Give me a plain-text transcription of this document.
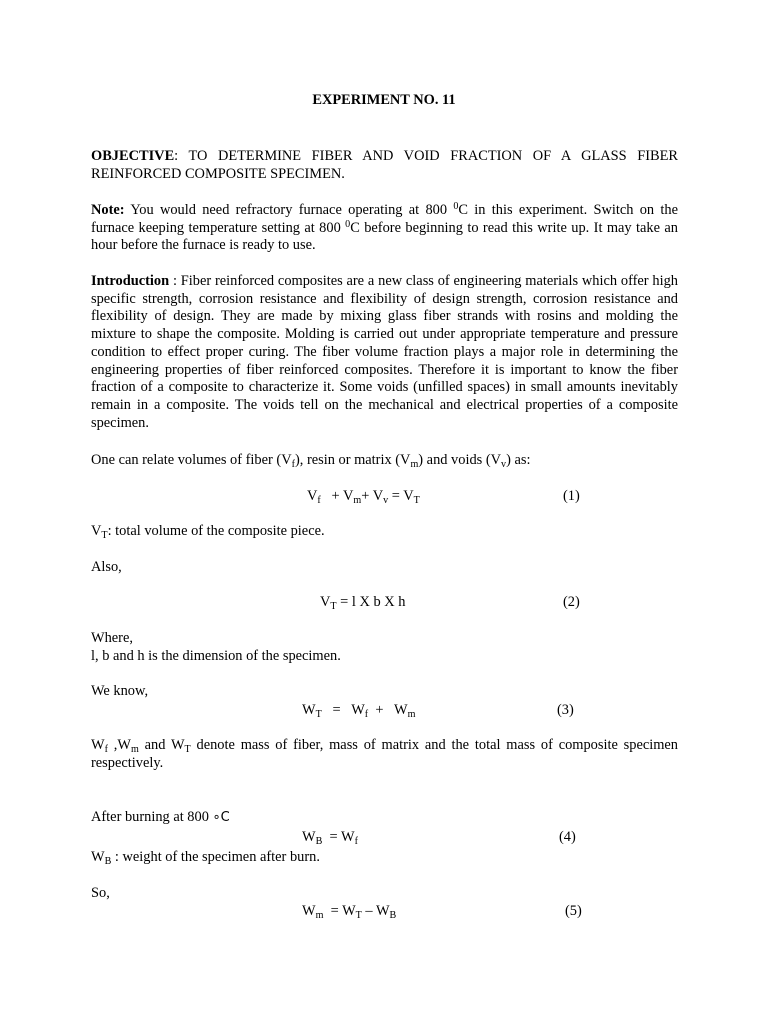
EXPERIMENT NO. 11

OBJECTIVE: TO DETERMINE FIBER AND VOID FRACTION OF A GLASS FIBER REINFORCED COMPOSITE SPECIMEN.

Note: You would need refractory furnace operating at 800 $^0$C in this experiment. Switch on the furnace keeping temperature setting at 800 $^0$C before beginning to read this write up. It may take an hour before the furnace is ready to use.

Introduction : Fiber reinforced composites are a new class of engineering materials which offer high specific strength, corrosion resistance and flexibility of design strength, corrosion resistance and flexibility of design. They are made by mixing glass fiber strands with rosins and molding the mixture to shape the composite. Molding is carried out under appropriate temperature and pressure condition to effect proper curing. The fiber volume fraction plays a major role in determining the engineering properties of fiber reinforced composites. Therefore it is important to know the fiber fraction of a composite to characterize it. Some voids (unfilled spaces) in small amounts inevitably remain in a composite. The voids tell on the mechanical and electrical properties of a composite specimen.

One can relate volumes of fiber $(V_f)$, resin or matrix $(V_m)$ and voids $(V_v)$ as:

$V_f + V_m+ V_v = V_T$	(1)

$V_T$: total volume of the composite piece.

Also,

$V_T = l$ X b X h	(2)

Where,

l, b and h is the dimension of the specimen.

We know,

$W_T = W_f + W_m$	(3)

$W_f$ $,W_m$ and $W_T$ denote mass of fiber, mass of matrix and the total mass of composite specimen respectively.

After burning at 800 ∘C

$W_B = W_f$	(4)

$W_B$ : weight of the specimen after burn.

So,

$W_m = W_T - W_B$	(5)
